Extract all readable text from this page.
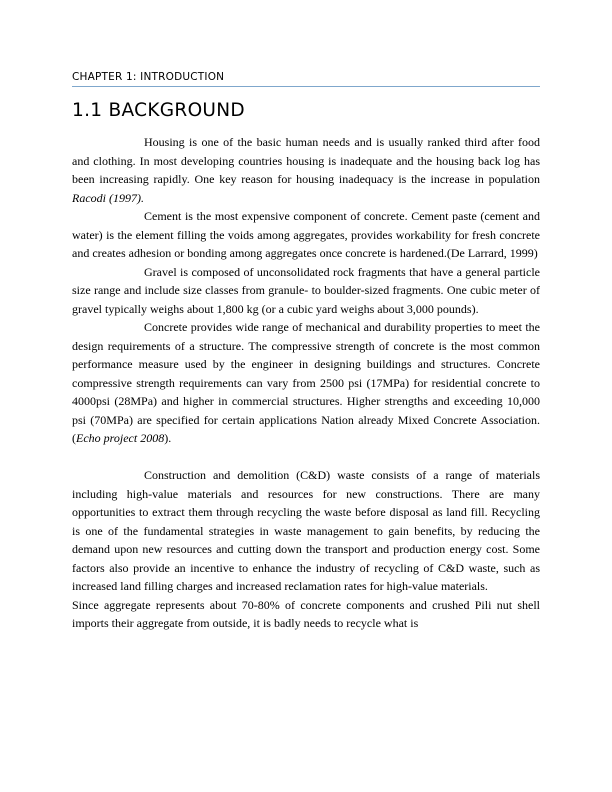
CHAPTER 1: INTRODUCTION
1.1 BACKGROUND

Housing is one of the basic human needs and is usually ranked third after food and clothing. In most developing countries housing is inadequate and the housing back log has been increasing rapidly. One key reason for housing inadequacy is the increase in population Racodi (1997).

Cement is the most expensive component of concrete. Cement paste (cement and water) is the element filling the voids among aggregates, provides workability for fresh concrete and creates adhesion or bonding among aggregates once concrete is hardened.(De Larrard, 1999)

Gravel is composed of unconsolidated rock fragments that have a general particle size range and include size classes from granule- to boulder-sized fragments. One cubic meter of gravel typically weighs about 1,800 kg (or a cubic yard weighs about 3,000 pounds).

Concrete provides wide range of mechanical and durability properties to meet the design requirements of a structure. The compressive strength of concrete is the most common performance measure used by the engineer in designing buildings and structures. Concrete compressive strength requirements can vary from 2500 psi (17MPa) for residential concrete to 4000psi (28MPa) and higher in commercial structures. Higher strengths and exceeding 10,000 psi (70MPa) are specified for certain applications Nation already Mixed Concrete Association. (Echo project 2008).

Construction and demolition (C&D) waste consists of a range of materials including high-value materials and resources for new constructions. There are many opportunities to extract them through recycling the waste before disposal as land fill. Recycling is one of the fundamental strategies in waste management to gain benefits, by reducing the demand upon new resources and cutting down the transport and production energy cost. Some factors also provide an incentive to enhance the industry of recycling of C&D waste, such as increased land filling charges and increased reclamation rates for high-value materials.

Since aggregate represents about 70-80% of concrete components and crushed Pili nut shell imports their aggregate from outside, it is badly needs to recycle what is
